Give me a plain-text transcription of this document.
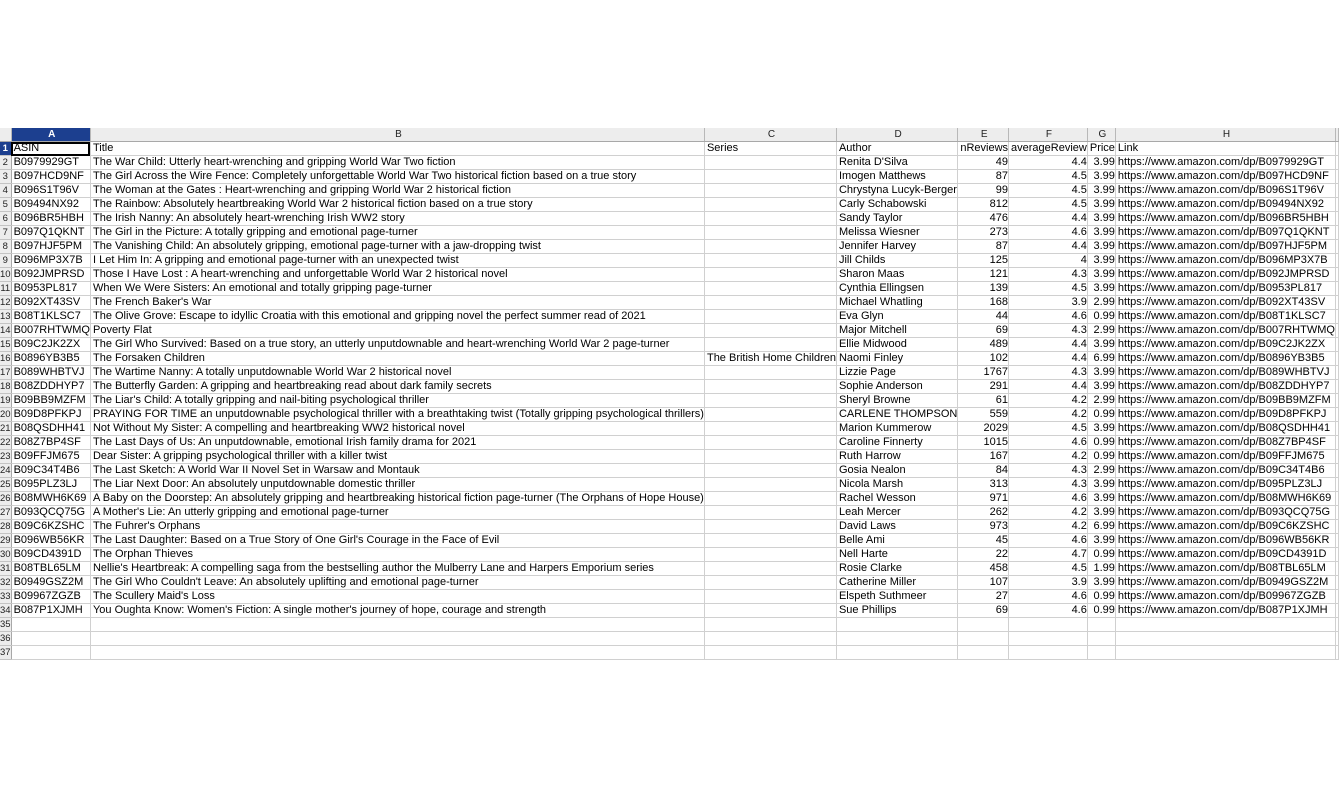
	A	B	C	D	E	F	G	H	
1	ASIN	Title	Series	Author	nReviews	averageReview	Price	Link	
2	B0979929GT	The War Child: Utterly heart-wrenching and gripping World War Two fiction		Renita D'Silva	49	4.4	3.99	https://www.amazon.com/dp/B0979929GT	
3	B097HCD9NF	The Girl Across the Wire Fence: Completely unforgettable World War Two historical fiction based on a true story		Imogen Matthews	87	4.5	3.99	https://www.amazon.com/dp/B097HCD9NF	
4	B096S1T96V	The Woman at the Gates : Heart-wrenching and gripping World War 2 historical fiction		Chrystyna Lucyk-Berger	99	4.5	3.99	https://www.amazon.com/dp/B096S1T96V	
5	B09494NX92	The Rainbow: Absolutely heartbreaking World War 2 historical fiction based on a true story		Carly Schabowski	812	4.5	3.99	https://www.amazon.com/dp/B09494NX92	
6	B096BR5HBH	The Irish Nanny: An absolutely heart-wrenching Irish WW2 story		Sandy Taylor	476	4.4	3.99	https://www.amazon.com/dp/B096BR5HBH	
7	B097Q1QKNT	The Girl in the Picture: A totally gripping and emotional page-turner		Melissa Wiesner	273	4.6	3.99	https://www.amazon.com/dp/B097Q1QKNT	
8	B097HJF5PM	The Vanishing Child: An absolutely gripping, emotional page-turner with a jaw-dropping twist		Jennifer Harvey	87	4.4	3.99	https://www.amazon.com/dp/B097HJF5PM	
9	B096MP3X7B	I Let Him In: A gripping and emotional page-turner with an unexpected twist		Jill Childs	125	4	3.99	https://www.amazon.com/dp/B096MP3X7B	
10	B092JMPRSD	Those I Have Lost : A heart-wrenching and unforgettable World War 2 historical novel		Sharon Maas	121	4.3	3.99	https://www.amazon.com/dp/B092JMPRSD	
11	B0953PL817	When We Were Sisters: An emotional and totally gripping page-turner		Cynthia Ellingsen	139	4.5	3.99	https://www.amazon.com/dp/B0953PL817	
12	B092XT43SV	The French Baker's War		Michael Whatling	168	3.9	2.99	https://www.amazon.com/dp/B092XT43SV	
13	B08T1KLSC7	The Olive Grove: Escape to idyllic Croatia with this emotional and gripping novel the perfect summer read of 2021		Eva Glyn	44	4.6	0.99	https://www.amazon.com/dp/B08T1KLSC7	
14	B007RHTWMQ	Poverty Flat		Major Mitchell	69	4.3	2.99	https://www.amazon.com/dp/B007RHTWMQ	
15	B09C2JK2ZX	The Girl Who Survived: Based on a true story, an utterly unputdownable and heart-wrenching World War 2 page-turner		Ellie Midwood	489	4.4	3.99	https://www.amazon.com/dp/B09C2JK2ZX	
16	B0896YB3B5	The Forsaken Children	The British Home Children	Naomi Finley	102	4.4	6.99	https://www.amazon.com/dp/B0896YB3B5	
17	B089WHBTVJ	The Wartime Nanny: A totally unputdownable World War 2 historical novel		Lizzie Page	1767	4.3	3.99	https://www.amazon.com/dp/B089WHBTVJ	
18	B08ZDDHYP7	The Butterfly Garden: A gripping and heartbreaking read about dark family secrets		Sophie Anderson	291	4.4	3.99	https://www.amazon.com/dp/B08ZDDHYP7	
19	B09BB9MZFM	The Liar's Child: A totally gripping and nail-biting psychological thriller		Sheryl Browne	61	4.2	2.99	https://www.amazon.com/dp/B09BB9MZFM	
20	B09D8PFKPJ	PRAYING FOR TIME an unputdownable psychological thriller with a breathtaking twist (Totally gripping psychological thrillers)		CARLENE THOMPSON	559	4.2	0.99	https://www.amazon.com/dp/B09D8PFKPJ	
21	B08QSDHH41	Not Without My Sister: A compelling and heartbreaking WW2 historical novel		Marion Kummerow	2029	4.5	3.99	https://www.amazon.com/dp/B08QSDHH41	
22	B08Z7BP4SF	The Last Days of Us: An unputdownable, emotional Irish family drama for 2021		Caroline Finnerty	1015	4.6	0.99	https://www.amazon.com/dp/B08Z7BP4SF	
23	B09FFJM675	Dear Sister: A gripping psychological thriller with a killer twist		Ruth Harrow	167	4.2	0.99	https://www.amazon.com/dp/B09FFJM675	
24	B09C34T4B6	The Last Sketch: A World War II Novel Set in Warsaw and Montauk		Gosia Nealon	84	4.3	2.99	https://www.amazon.com/dp/B09C34T4B6	
25	B095PLZ3LJ	The Liar Next Door: An absolutely unputdownable domestic thriller		Nicola Marsh	313	4.3	3.99	https://www.amazon.com/dp/B095PLZ3LJ	
26	B08MWH6K69	A Baby on the Doorstep: An absolutely gripping and heartbreaking historical fiction page-turner (The Orphans of Hope House)		Rachel Wesson	971	4.6	3.99	https://www.amazon.com/dp/B08MWH6K69	
27	B093QCQ75G	A Mother's Lie: An utterly gripping and emotional page-turner		Leah Mercer	262	4.2	3.99	https://www.amazon.com/dp/B093QCQ75G	
28	B09C6KZSHC	The Fuhrer's Orphans		David Laws	973	4.2	6.99	https://www.amazon.com/dp/B09C6KZSHC	
29	B096WB56KR	The Last Daughter: Based on a True Story of One Girl's Courage in the Face of Evil		Belle Ami	45	4.6	3.99	https://www.amazon.com/dp/B096WB56KR	
30	B09CD4391D	The Orphan Thieves		Nell Harte	22	4.7	0.99	https://www.amazon.com/dp/B09CD4391D	
31	B08TBL65LM	Nellie's Heartbreak: A compelling saga from the bestselling author the Mulberry Lane and Harpers Emporium series		Rosie Clarke	458	4.5	1.99	https://www.amazon.com/dp/B08TBL65LM	
32	B0949GSZ2M	The Girl Who Couldn't Leave: An absolutely uplifting and emotional page-turner		Catherine Miller	107	3.9	3.99	https://www.amazon.com/dp/B0949GSZ2M	
33	B09967ZGZB	The Scullery Maid's Loss		Elspeth Suthmeer	27	4.6	0.99	https://www.amazon.com/dp/B09967ZGZB	
34	B087P1XJMH	You Oughta Know: Women's Fiction: A single mother's journey of hope, courage and strength		Sue Phillips	69	4.6	0.99	https://www.amazon.com/dp/B087P1XJMH	
35									
36									
37									
